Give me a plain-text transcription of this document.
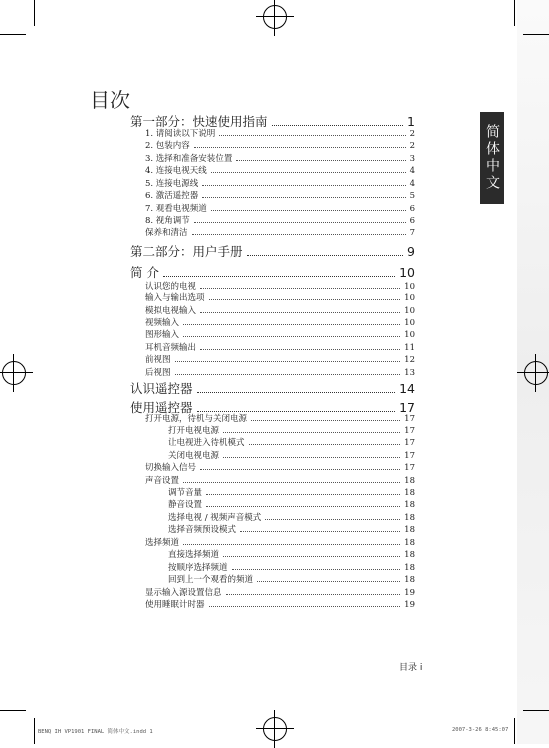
简体中文
目次
第一部分：快速使用指南	1
1. 请阅读以下说明	2
2. 包装内容	2
3. 选择和准备安装位置	3
4. 连接电视天线	4
5. 连接电源线	4
6. 激活遥控器	5
7. 观看电视频道	6
8. 视角调节	6
保养和清洁	7
第二部分：用户手册	9
简 介	10
认识您的电视	10
输入与输出选项	10
模拟电视输入	10
视频输入	10
图形输入	10
耳机音频输出	11
前视图	12
后视图	13
认识遥控器	14
使用遥控器	17
打开电源，待机与关闭电源	17
打开电视电源	17
让电视进入待机模式	17
关闭电视电源	17
切换输入信号	17
声音设置	18
调节音量	18
静音设置	18
选择电视 / 视频声音模式	18
选择音频预设模式	18
选择频道	18
直接选择频道	18
按顺序选择频道	18
回到上一个观看的频道	18
显示输入源设置信息	19
使用睡眠计时器	19
目录 i
BENQ IH VP1901 FINAL 简体中文.indd 1	2007-3-26 8:45:07
